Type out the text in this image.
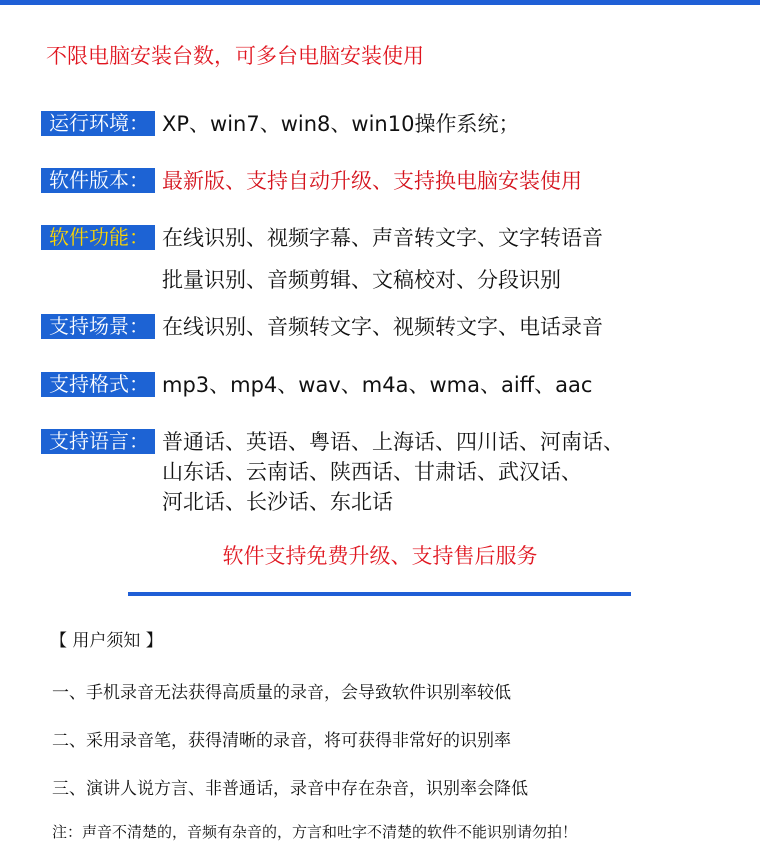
不限电脑安装台数，可多台电脑安装使用
运行环境： XP、win7、win8、win10操作系统；
软件版本： 最新版、支持自动升级、支持换电脑安装使用
软件功能： 在线识别、视频字幕、声音转文字、文字转语音
批量识别、音频剪辑、文稿校对、分段识别
支持场景： 在线识别、音频转文字、视频转文字、电话录音
支持格式： mp3、mp4、wav、m4a、wma、aiff、aac
支持语言： 普通话、英语、粤语、上海话、四川话、河南话、
山东话、云南话、陕西话、甘肃话、武汉话、
河北话、长沙话、东北话
软件支持免费升级、支持售后服务
【 用户须知 】
一、手机录音无法获得高质量的录音，会导致软件识别率较低
二、采用录音笔，获得清晰的录音，将可获得非常好的识别率
三、演讲人说方言、非普通话，录音中存在杂音，识别率会降低
注：声音不清楚的，音频有杂音的，方言和吐字不清楚的软件不能识别请勿拍！
